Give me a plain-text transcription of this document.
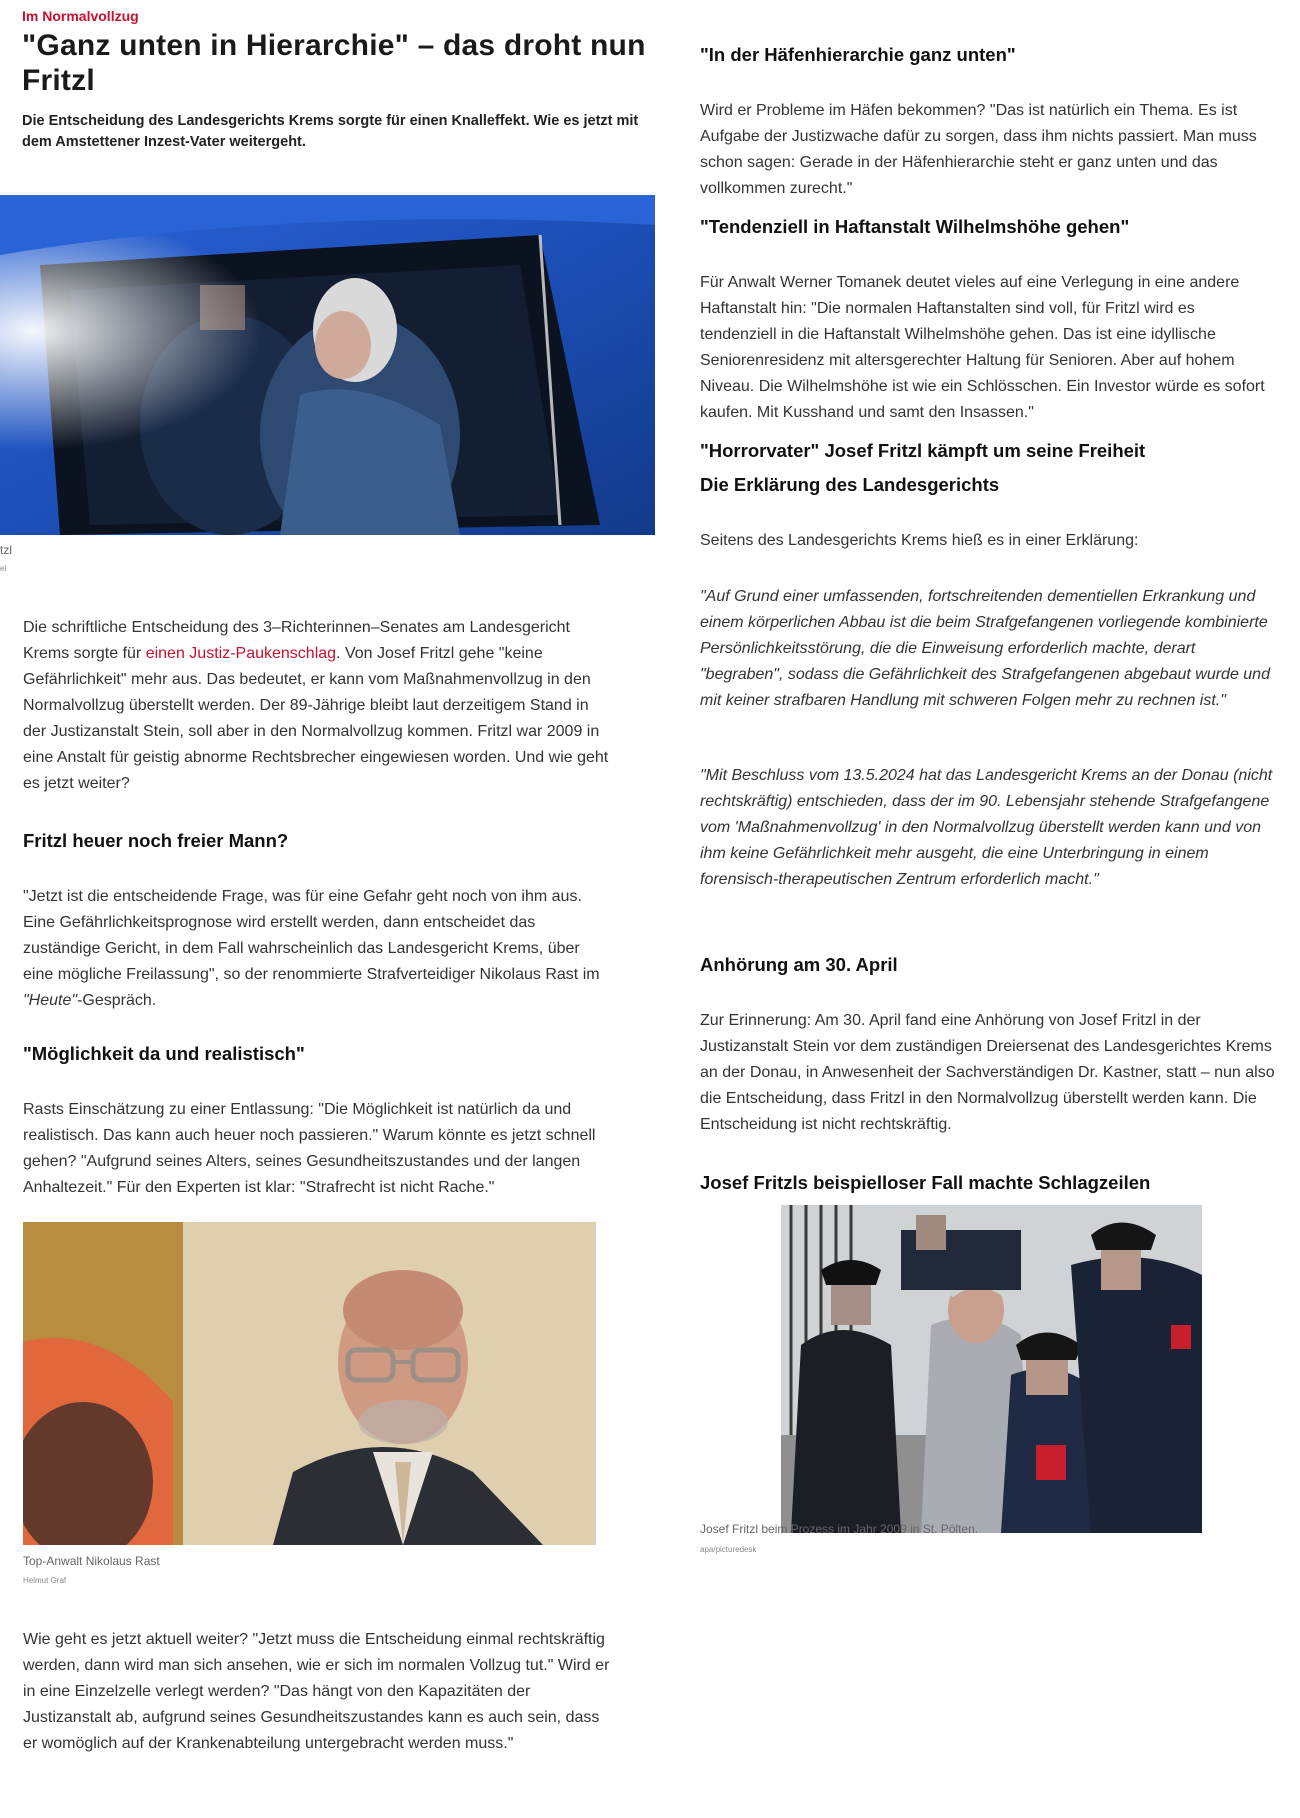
Im Normalvollzug
"Ganz unten in Hierarchie" – das droht nun Fritzl
Die Entscheidung des Landesgerichts Krems sorgte für einen Knalleffekt. Wie es jetzt mit dem Amstettener Inzest-Vater weitergeht.
tzl
el

Die schriftliche Entscheidung des 3–Richterinnen–Senates am Landesgericht Krems sorgte für einen Justiz-Paukenschlag. Von Josef Fritzl gehe "keine Gefährlichkeit" mehr aus. Das bedeutet, er kann vom Maßnahmenvollzug in den Normalvollzug überstellt werden. Der 89-Jährige bleibt laut derzeitigem Stand in der Justizanstalt Stein, soll aber in den Normalvollzug kommen. Fritzl war 2009 in eine Anstalt für geistig abnorme Rechtsbrecher eingewiesen worden. Und wie geht es jetzt weiter?

Fritzl heuer noch freier Mann?

"Jetzt ist die entscheidende Frage, was für eine Gefahr geht noch von ihm aus. Eine Gefährlichkeitsprognose wird erstellt werden, dann entscheidet das zuständige Gericht, in dem Fall wahrscheinlich das Landesgericht Krems, über eine mögliche Freilassung", so der renommierte Strafverteidiger Nikolaus Rast im "Heute"-Gespräch.

"Möglichkeit da und realistisch"

Rasts Einschätzung zu einer Entlassung: "Die Möglichkeit ist natürlich da und realistisch. Das kann auch heuer noch passieren." Warum könnte es jetzt schnell gehen? "Aufgrund seines Alters, seines Gesundheitszustandes und der langen Anhaltezeit." Für den Experten ist klar: "Strafrecht ist nicht Rache."

Top-Anwalt Nikolaus Rast
Helmut Graf

Wie geht es jetzt aktuell weiter? "Jetzt muss die Entscheidung einmal rechtskräftig werden, dann wird man sich ansehen, wie er sich im normalen Vollzug tut." Wird er in eine Einzelzelle verlegt werden? "Das hängt von den Kapazitäten der Justizanstalt ab, aufgrund seines Gesundheitszustandes kann es auch sein, dass er womöglich auf der Krankenabteilung untergebracht werden muss."

"In der Häfenhierarchie ganz unten"

Wird er Probleme im Häfen bekommen? "Das ist natürlich ein Thema. Es ist Aufgabe der Justizwache dafür zu sorgen, dass ihm nichts passiert. Man muss schon sagen: Gerade in der Häfenhierarchie steht er ganz unten und das vollkommen zurecht."

"Tendenziell in Haftanstalt Wilhelmshöhe gehen"

Für Anwalt Werner Tomanek deutet vieles auf eine Verlegung in eine andere Haftanstalt hin: "Die normalen Haftanstalten sind voll, für Fritzl wird es tendenziell in die Haftanstalt Wilhelmshöhe gehen. Das ist eine idyllische Seniorenresidenz mit altersgerechter Haltung für Senioren. Aber auf hohem Niveau. Die Wilhelmshöhe ist wie ein Schlösschen. Ein Investor würde es sofort kaufen. Mit Kusshand und samt den Insassen."

"Horrorvater" Josef Fritzl kämpft um seine Freiheit
Die Erklärung des Landesgerichts

Seitens des Landesgerichts Krems hieß es in einer Erklärung:

"Auf Grund einer umfassenden, fortschreitenden dementiellen Erkrankung und einem körperlichen Abbau ist die beim Strafgefangenen vorliegende kombinierte Persönlichkeitsstörung, die die Einweisung erforderlich machte, derart "begraben", sodass die Gefährlichkeit des Strafgefangenen abgebaut wurde und mit keiner strafbaren Handlung mit schweren Folgen mehr zu rechnen ist."

"Mit Beschluss vom 13.5.2024 hat das Landesgericht Krems an der Donau (nicht rechtskräftig) entschieden, dass der im 90. Lebensjahr stehende Strafgefangene vom 'Maßnahmenvollzug' in den Normalvollzug überstellt werden kann und von ihm keine Gefährlichkeit mehr ausgeht, die eine Unterbringung in einem forensisch-therapeutischen Zentrum erforderlich macht."

Anhörung am 30. April

Zur Erinnerung: Am 30. April fand eine Anhörung von Josef Fritzl in der Justizanstalt Stein vor dem zuständigen Dreiersenat des Landesgerichtes Krems an der Donau, in Anwesenheit der Sachverständigen Dr. Kastner, statt – nun also die Entscheidung, dass Fritzl in den Normalvollzug überstellt werden kann. Die Entscheidung ist nicht rechtskräftig.

Josef Fritzls beispielloser Fall machte Schlagzeilen
Josef Fritzl beim Prozess im Jahr 2009 in St. Pölten.
apa/picturedesk
